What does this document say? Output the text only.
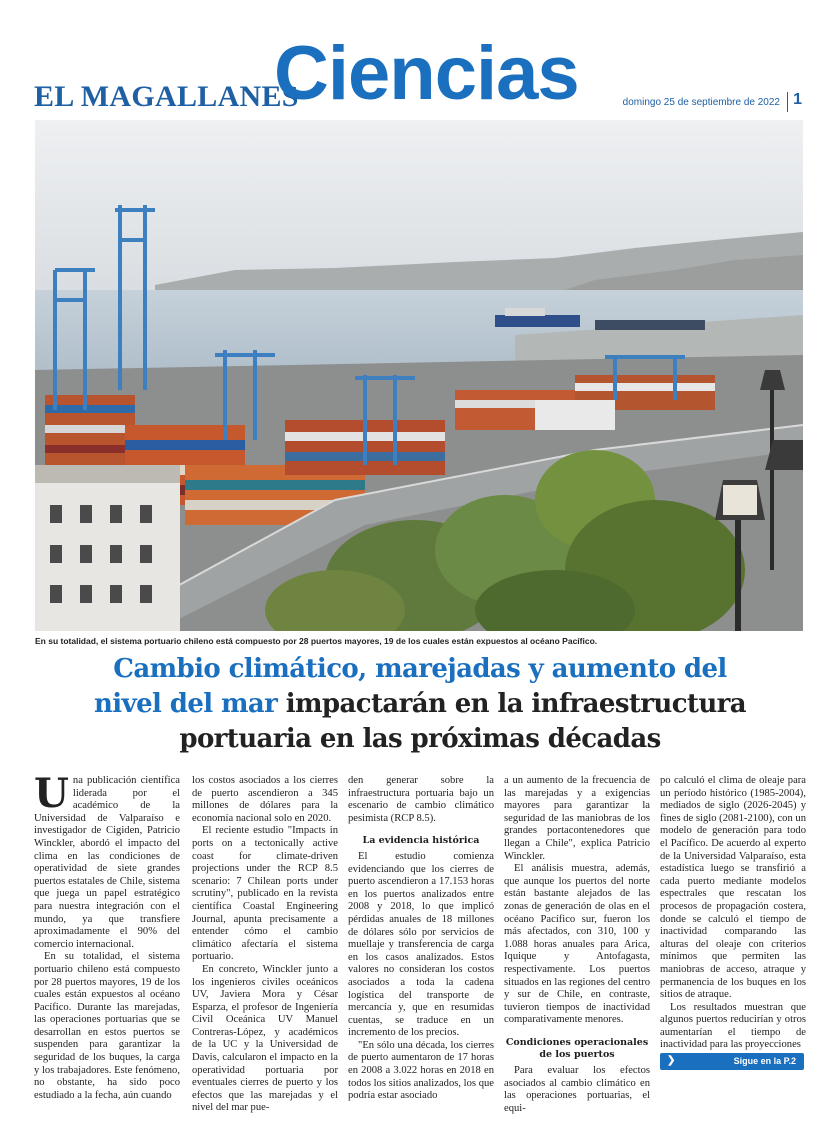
EL MAGALLANES
Ciencias	domingo 25 de septiembre de 2022 1
En su totalidad, el sistema portuario chileno está compuesto por 28 puertos mayores, 19 de los cuales están expuestos al océano Pacífico.
Cambio climático, marejadas y aumento del
nivel del mar impactarán en la infraestructura
portuaria en las próximas décadas
U na publicación científica liderada por el académico de la Universidad de Valparaíso e investigador de Cigiden, Patricio Winckler, abordó el impacto del clima en las condiciones de operatividad de siete grandes puertos estatales de Chile, sistema que juega un papel estratégico para nuestra integración con el mundo, ya que transfiere aproximadamente el 90% del comercio internacional.

En su totalidad, el sistema portuario chileno está compuesto por 28 puertos mayores, 19 de los cuales están expuestos al océano Pacífico. Durante las marejadas, las operaciones portuarias que se desarrollan en estos puertos se suspenden para garantizar la seguridad de los buques, la carga y los trabajadores. Este fenómeno, no obstante, ha sido poco estudiado a la fecha, aún cuando

los costos asociados a los cierres de puerto ascendieron a 345 millones de dólares para la economía nacional solo en 2020.

El reciente estudio "Impacts in ports on a tectonically active coast for climate-driven projections under the RCP 8.5 scenario: 7 Chilean ports under scrutiny", publicado en la revista científica Coastal Engineering Journal, apunta precisamente a entender cómo el cambio climático afectaría el sistema portuario.

En concreto, Winckler junto a los ingenieros civiles oceánicos UV, Javiera Mora y César Esparza, el profesor de Ingeniería Civil Oceánica UV Manuel Contreras-López, y académicos de la UC y la Universidad de Davis, calcularon el impacto en la operatividad portuaria por eventuales cierres de puerto y los efectos que las marejadas y el nivel del mar pue-

den generar sobre la infraestructura portuaria bajo un escenario de cambio climático pesimista (RCP 8.5).

La evidencia histórica

El estudio comienza evidenciando que los cierres de puerto ascendieron a 17.153 horas en los puertos analizados entre 2008 y 2018, lo que implicó pérdidas anuales de 18 millones de dólares sólo por servicios de muellaje y transferencia de carga en los casos analizados. Estos valores no consideran los costos asociados a toda la cadena logística del transporte de mercancía y, que en resumidas cuentas, se traduce en un incremento de los precios.

"En sólo una década, los cierres de puerto aumentaron de 17 horas en 2008 a 3.022 horas en 2018 en todos los sitios analizados, los que podría estar asociado

a un aumento de la frecuencia de las marejadas y a exigencias mayores para garantizar la seguridad de las maniobras de los grandes portacontenedores que llegan a Chile", explica Patricio Winckler.

El análisis muestra, además, que aunque los puertos del norte están bastante alejados de las zonas de generación de olas en el océano Pacífico sur, fueron los más afectados, con 310, 100 y 1.088 horas anuales para Arica, Iquique y Antofagasta, respectivamente. Los puertos situados en las regiones del centro y sur de Chile, en contraste, tuvieron tiempos de inactividad comparativamente menores.

Condiciones operacionales de los puertos

Para evaluar los efectos asociados al cambio climático en las operaciones portuarias, el equi-

po calculó el clima de oleaje para un período histórico (1985-2004), mediados de siglo (2026-2045) y fines de siglo (2081-2100), con un modelo de generación para todo el Pacífico. De acuerdo al experto de la Universidad Valparaíso, esta estadística luego se transfirió a cada puerto mediante modelos espectrales que rescatan los procesos de propagación costera, donde se calculó el tiempo de inactividad comparando las alturas del oleaje con criterios mínimos que permiten las maniobras de acceso, atraque y permanencia de los buques en los sitios de atraque.

Los resultados muestran que algunos puertos reducirían y otros aumentarían el tiempo de inactividad para las proyecciones

❯	Sigue en la P.2
